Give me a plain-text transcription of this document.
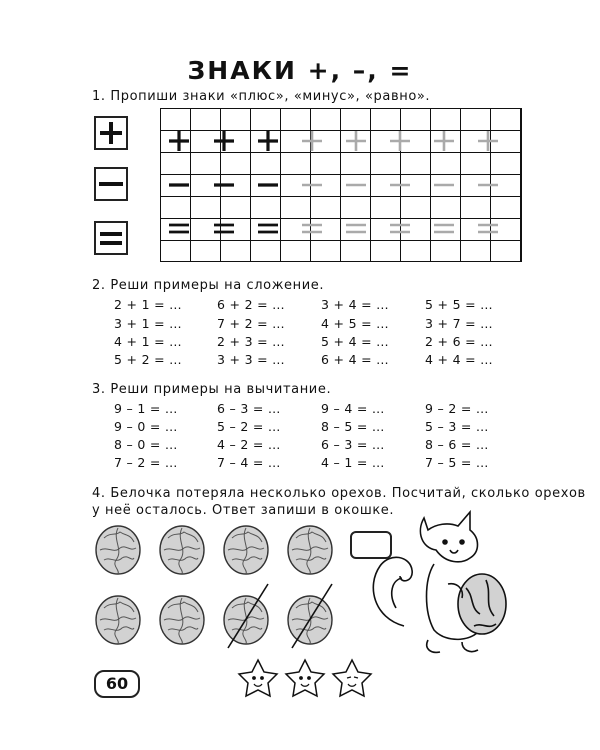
ЗНАКИ +, –, =
1. Пропиши знаки «плюс», «минус», «равно».
2. Реши примеры на сложение.
2 + 1 = …
3 + 1 = …
4 + 1 = …
5 + 2 = …
6 + 2 = …
7 + 2 = …
2 + 3 = …
3 + 3 = …
3 + 4 = …
4 + 5 = …
5 + 4 = …
6 + 4 = …
5 + 5 = …
3 + 7 = …
2 + 6 = …
4 + 4 = …
3. Реши примеры на вычитание.
9 – 1 = …
9 – 0 = …
8 – 0 = …
7 – 2 = …
6 – 3 = …
5 – 2 = …
4 – 2 = …
7 – 4 = …
9 – 4 = …
8 – 5 = …
6 – 3 = …
4 – 1 = …
9 – 2 = …
5 – 3 = …
8 – 6 = …
7 – 5 = …
4. Белочка потеряла несколько орехов. Посчитай, сколько орехов
у неё осталось. Ответ запиши в окошке.
60
